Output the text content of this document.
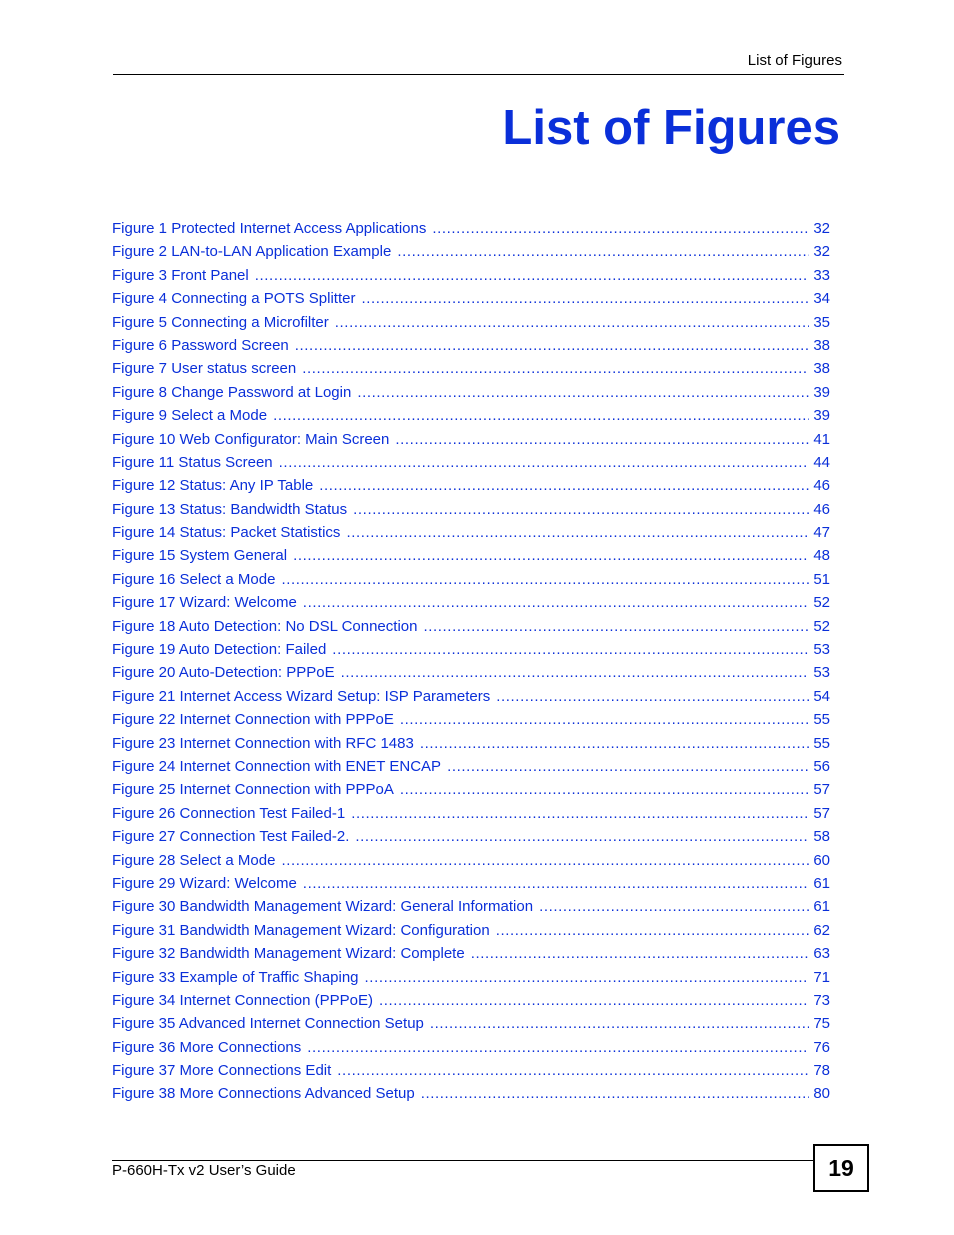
List of Figures
List of Figures
Figure 1 Protected Internet Access Applications .....	32
Figure 2 LAN-to-LAN Application Example .....	32
Figure 3 Front Panel .....	33
Figure 4 Connecting a POTS Splitter .....	34
Figure 5 Connecting a Microfilter .....	35
Figure 6 Password Screen .....	38
Figure 7 User status screen .....	38
Figure 8 Change Password at Login .....	39
Figure 9 Select a Mode .....	39
Figure 10 Web Configurator: Main Screen .....	41
Figure 11 Status Screen .....	44
Figure 12 Status: Any IP Table .....	46
Figure 13 Status: Bandwidth Status .....	46
Figure 14 Status: Packet Statistics .....	47
Figure 15 System General .....	48
Figure 16 Select a Mode .....	51
Figure 17 Wizard: Welcome .....	52
Figure 18 Auto Detection: No DSL Connection .....	52
Figure 19 Auto Detection: Failed .....	53
Figure 20 Auto-Detection: PPPoE .....	53
Figure 21 Internet Access Wizard Setup: ISP Parameters .....	54
Figure 22 Internet Connection with PPPoE .....	55
Figure 23 Internet Connection with RFC 1483 .....	55
Figure 24 Internet Connection with ENET ENCAP .....	56
Figure 25 Internet Connection with PPPoA .....	57
Figure 26 Connection Test Failed-1 .....	57
Figure 27 Connection Test Failed-2. .....	58
Figure 28 Select a Mode .....	60
Figure 29 Wizard: Welcome .....	61
Figure 30 Bandwidth Management Wizard: General Information .....	61
Figure 31 Bandwidth Management Wizard: Configuration .....	62
Figure 32 Bandwidth Management Wizard: Complete .....	63
Figure 33 Example of Traffic Shaping .....	71
Figure 34 Internet Connection (PPPoE) .....	73
Figure 35 Advanced Internet Connection Setup .....	75
Figure 36 More Connections .....	76
Figure 37 More Connections Edit .....	78
Figure 38 More Connections Advanced Setup .....	80
P-660H-Tx v2 User’s Guide	19
